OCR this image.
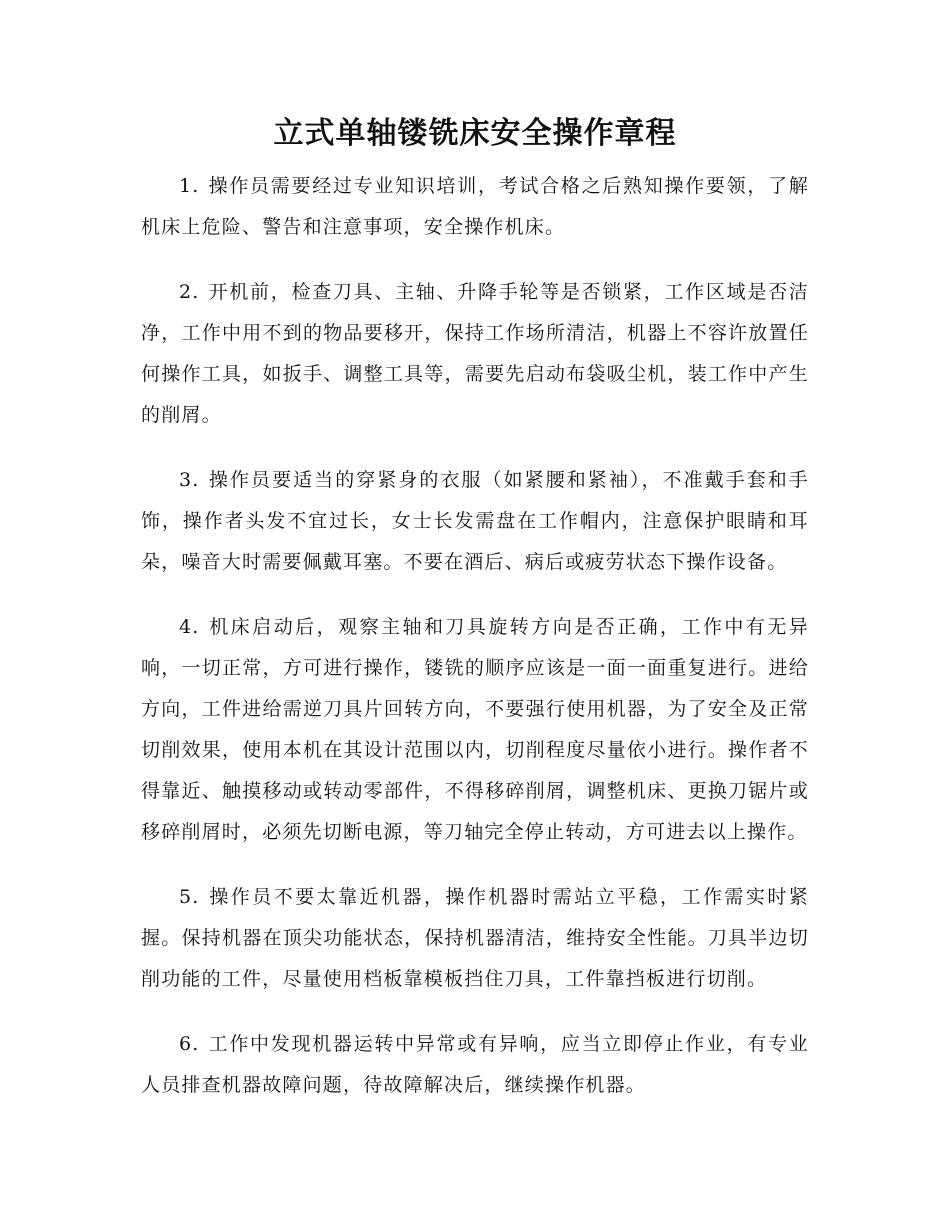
立式单轴镂铣床安全操作章程

1. 操作员需要经过专业知识培训，考试合格之后熟知操作要领，了解机床上危险、警告和注意事项，安全操作机床。

2. 开机前，检查刀具、主轴、升降手轮等是否锁紧，工作区域是否洁净，工作中用不到的物品要移开，保持工作场所清洁，机器上不容许放置任何操作工具，如扳手、调整工具等，需要先启动布袋吸尘机，装工作中产生的削屑。

3. 操作员要适当的穿紧身的衣服（如紧腰和紧袖），不准戴手套和手饰，操作者头发不宜过长，女士长发需盘在工作帽内，注意保护眼睛和耳朵，噪音大时需要佩戴耳塞。不要在酒后、病后或疲劳状态下操作设备。

4. 机床启动后，观察主轴和刀具旋转方向是否正确，工作中有无异响，一切正常，方可进行操作，镂铣的顺序应该是一面一面重复进行。进给方向，工件进给需逆刀具片回转方向，不要强行使用机器，为了安全及正常切削效果，使用本机在其设计范围以内，切削程度尽量依小进行。操作者不得靠近、触摸移动或转动零部件，不得移碎削屑，调整机床、更换刀锯片或移碎削屑时，必须先切断电源，等刀轴完全停止转动，方可进去以上操作。

5. 操作员不要太靠近机器，操作机器时需站立平稳，工作需实时紧握。保持机器在顶尖功能状态，保持机器清洁，维持安全性能。刀具半边切削功能的工件，尽量使用档板靠模板挡住刀具，工件靠挡板进行切削。

6. 工作中发现机器运转中异常或有异响，应当立即停止作业，有专业人员排查机器故障问题，待故障解决后，继续操作机器。
